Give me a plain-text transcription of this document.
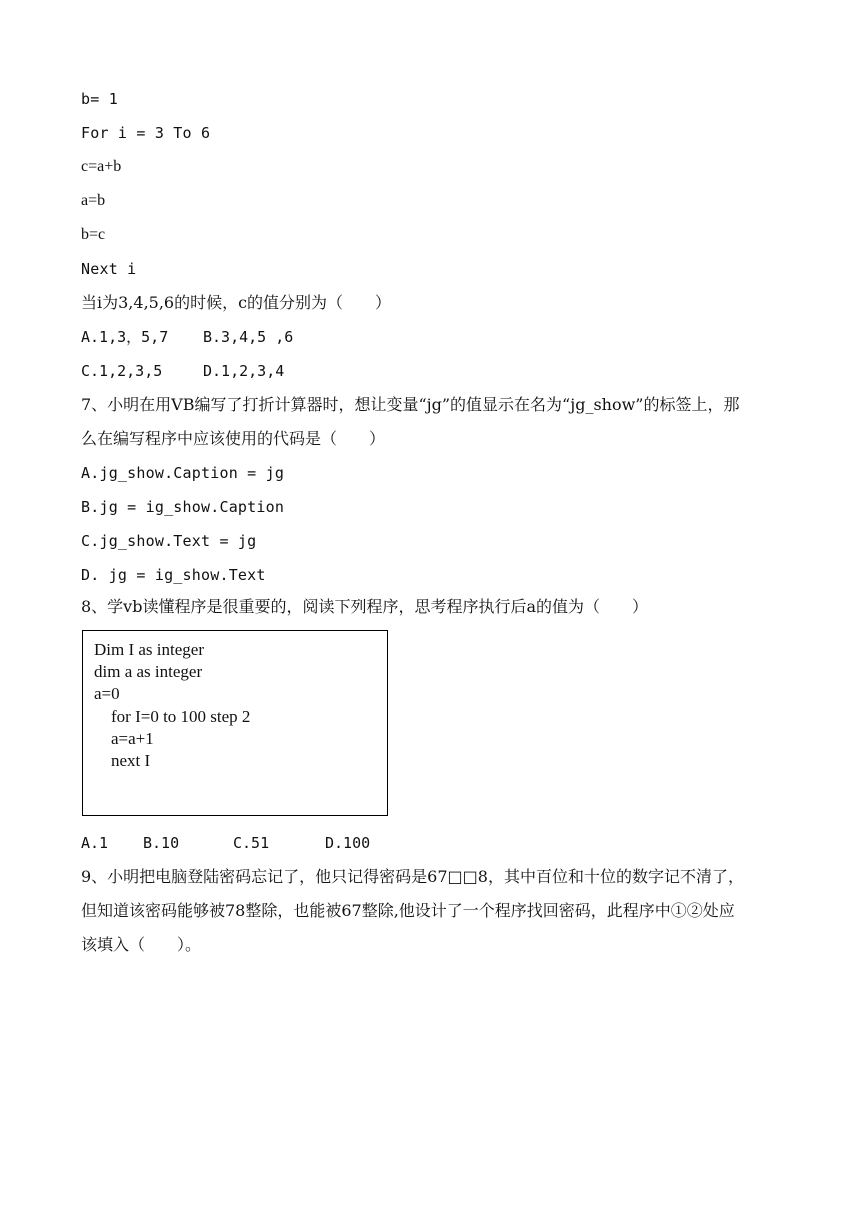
b= 1
For i = 3 To 6
c=a+b
a=b
b=c
Next i
当i为3,4,5,6的时候，c的值分别为（　　）
A.1,3，5,7 B.3,4,5 ,6
C.1,2,3,5	D.1,2,3,4
7、小明在用VB编写了打折计算器时，想让变量“jg”的值显示在名为“jg_show”的标签上，那
么在编写程序中应该使用的代码是（　　）
A.jg_show.Caption = jg
B.jg = ig_show.Caption
C.jg_show.Text = jg
D. jg = ig_show.Text
8、学vb读懂程序是很重要的，阅读下列程序，思考程序执行后a的值为（　　）
Dim I as integer
dim a as integer
a=0
for I=0 to 100 step 2
a=a+1
next I
A.1 B.10	C.51	D.100
9、小明把电脑登陆密码忘记了，他只记得密码是67□□8，其中百位和十位的数字记不清了，
但知道该密码能够被78整除，也能被67整除,他设计了一个程序找回密码，此程序中①②处应
该填入（　　）。
